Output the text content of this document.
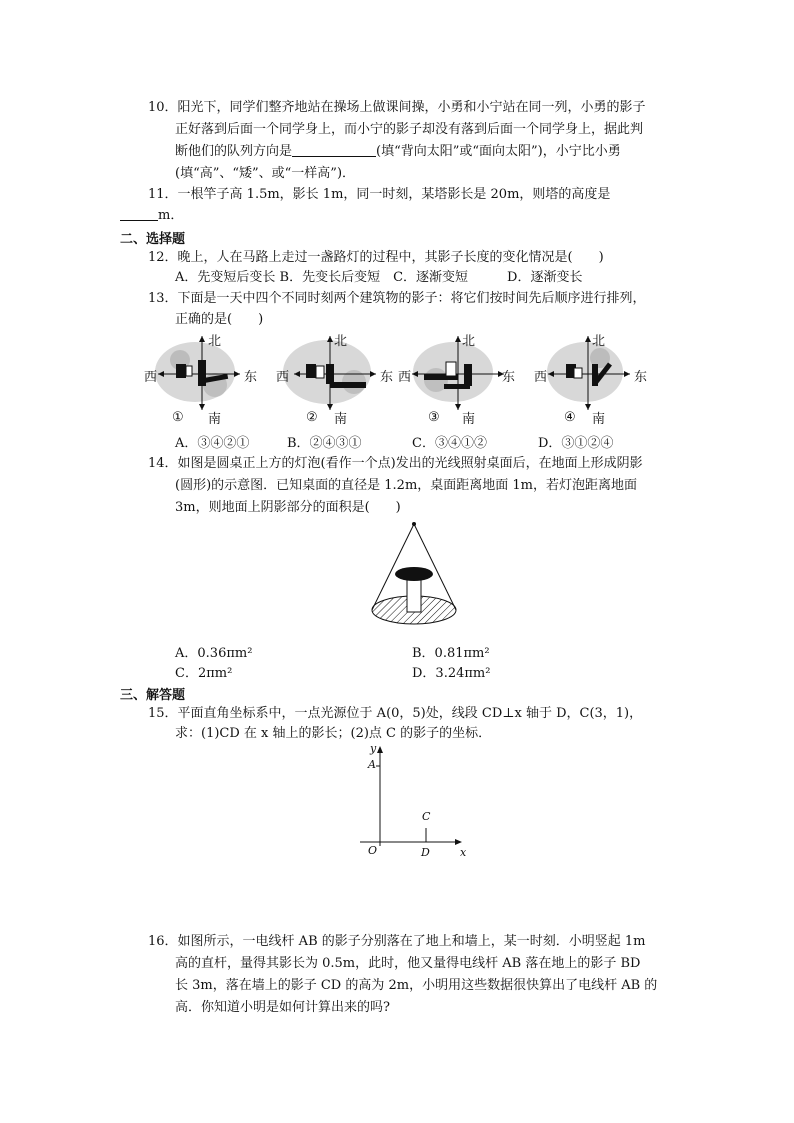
10．阳光下，同学们整齐地站在操场上做课间操，小勇和小宁站在同一列，小勇的影子
正好落到后面一个同学身上，而小宁的影子却没有落到后面一个同学身上，据此判
断他们的队列方向是	(填“背向太阳”或“面向太阳”)，小宁比小勇
(填“高”、“矮”、或“一样高”)．
11．一根竿子高 1.5m，影长 1m，同一时刻，某塔影长是 20m，则塔的高度是
m．
二、选择题
12．晚上，人在马路上走过一盏路灯的过程中，其影子长度的变化情况是(　　)
A．先变短后变长 B．先变长后变短　C．逐渐变短　　　D．逐渐变长
13．下面是一天中四个不同时刻两个建筑物的影子：将它们按时间先后顺序进行排列，
正确的是(　　)
北
南
西	东
①
北
南
西	东
②
北
南
西	东
③
北
南
西	东
④
A．③④②①	B．②④③①	C．③④①②	D．③①②④
14．如图是圆桌正上方的灯泡(看作一个点)发出的光线照射桌面后，在地面上形成阴影
(圆形)的示意图．已知桌面的直径是 1.2m，桌面距离地面 1m，若灯泡距离地面
3m，则地面上阴影部分的面积是(　　)
A．0.36πm²	B．0.81πm²
C．2πm²	D．3.24πm²
三、解答题
15．平面直角坐标系中，一点光源位于 A(0，5)处，线段 CD⊥x 轴于 D，C(3，1)，
求：(1)CD 在 x 轴上的影长；(2)点 C 的影子的坐标．
y
A
C
O	D	x
16．如图所示，一电线杆 AB 的影子分别落在了地上和墙上，某一时刻．小明竖起 1m
高的直杆，量得其影长为 0.5m，此时，他又量得电线杆 AB 落在地上的影子 BD
长 3m，落在墙上的影子 CD 的高为 2m，小明用这些数据很快算出了电线杆 AB 的
高．你知道小明是如何计算出来的吗?
